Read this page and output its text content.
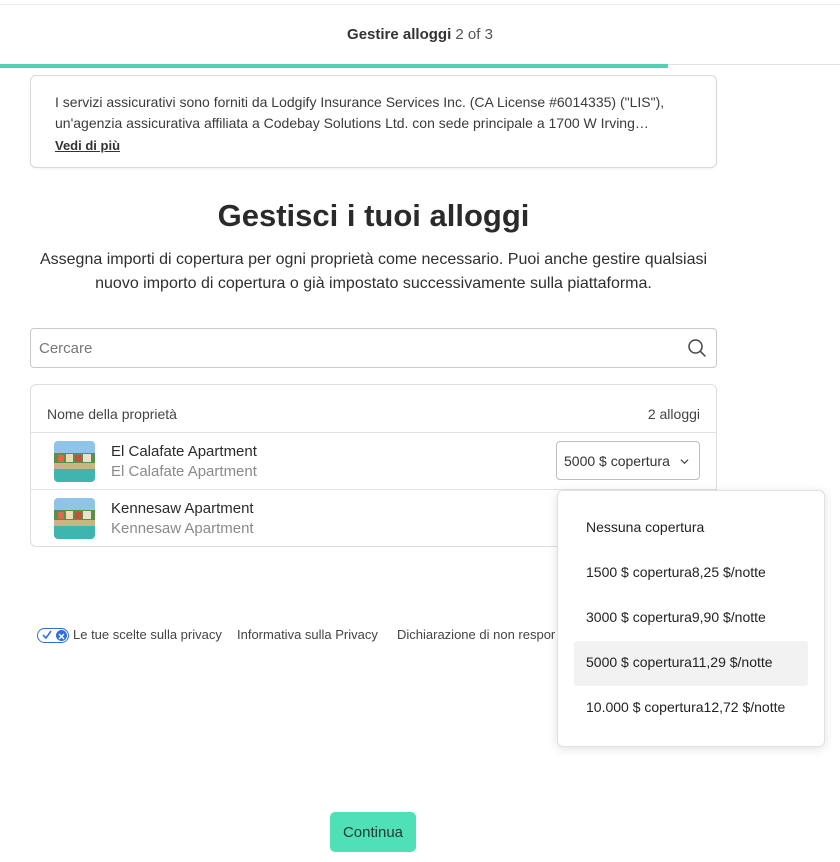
Gestire alloggi 2 of 3
I servizi assicurativi sono forniti da Lodgify Insurance Services Inc. (CA License #6014335) ("LIS"), un'agenzia assicurativa affiliata a Codebay Solutions Ltd. con sede principale a 1700 W Irving…
Vedi di più
Gestisci i tuoi alloggi
Assegna importi di copertura per ogni proprietà come necessario. Puoi anche gestire qualsiasi nuovo importo di copertura o già impostato successivamente sulla piattaforma.
Cercare
Nome della proprietà	2 alloggi
El Calafate Apartment
El Calafate Apartment
5000 $ copertura
Kennesaw Apartment
Kennesaw Apartment
Le tue scelte sulla privacy Informativa sulla Privacy Dichiarazione di non respor
Nessuna copertura
1500 $ copertura8,25 $/notte
3000 $ copertura9,90 $/notte
5000 $ copertura11,29 $/notte
10.000 $ copertura12,72 $/notte
Continua
